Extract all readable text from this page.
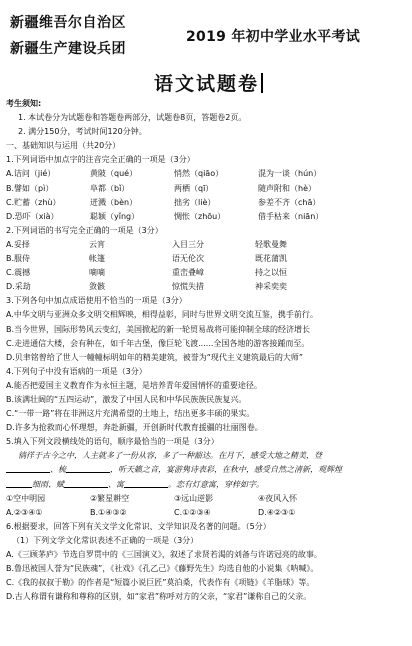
新疆维吾尔自治区
新疆生产建设兵团
2019 年初中学业水平考试
语文试题卷
考生须知:
1. 本试卷分为试题卷和答题卷两部分，试题卷8页，答题卷2页。
2. 满分150分，考试时间120分钟。
一、基础知识与运用（共20分）
1.下列词语中加点字的注音完全正确的一项是（3分）
A.诘问（jié）	黄陂（qué）	悄然（qiāo）	混为一谈（hún）
B.譬如（pì）	阜都（bǐ）	两栖（qī）	随声附和（hè）
C.贮蓄（zhù）	迸溅（bèn）	拙劣（liè）	参差不齐（chā）
D.恐吓（xià）	聪颖（yǐng）	惆怅（zhōu）	借手枯来（niān）
2.下列词语的书写完全正确的一项是（3分）
A.妥择	云宵	入目三分	轻歌曼舞
B.服侍	帐篷	语无伦次	既花蒲凯
C.震撼	嘀嘀	重峦叠嶂	持之以恒
D.采劫	敛骸	惊慌失措	神采奕奕
3.下列各句中加点成语使用不恰当的一项是（3分）
A.中华文明与亚洲众多文明交相辉映，相得益彰，同时与世界文明交流互鉴，携手前行。
B.当今世界，国际形势风云变幻，美国掀起的新一轮贸易战将可能抑制全球的经济增长
C.走进通信大楼，会有种在，如千年古堡，像巨轮飞渡......全国各地的游客接踵而至。
D.贝聿铭曾给了世人一幢幢标明如年的精美建筑，被誉为“现代主义建筑最后的大师”
4.下列句子中没有语病的一项是（3分）
A.能否把爱国主义教育作为永恒主题，是培养青年爱国情怀的重要途径。
B.该满壮阔的“五四运动”，激发了中国人民和中华民族族民族复兴。
C.“一带一路”将在非洲这片充满希望的土地上，结出更多丰硕的果实。
D.许多为抢救而心怀理想，奔赴新疆，开创新时代教育援疆的壮丽图卷。
5.填入下列文段横线处的语句，顺序最恰当的一项是（3分）
徜徉于古今之中，人主就多了一份从容，多了一种豁达。在月下，感受大地之精美，登
、梳	，听天籁之音，宴游隽诗表彩，在秋中，感受自然之清新，观辉煌
细雨、赋	、寓	。恋有灯意寓，穿梓如字。
①空中明园	②繁星耕空	③远山逆影	④夜风入怀
A.②③④①	B.①④③②	C.①②③④	D.④②③①
6.根据要求，回答下列有关文学文化常识、文学知识及名著的问题。（5分）
（1）下列文学文化常识表述不正确的一项是（3分）
A.《三顾茅庐》节选自罗贯中的《三国演义》，叙述了求贤若渴的刘备与许诺冠亮的故事。
B.鲁迅被国人誉为“民族魂”，《社戏》《孔乙己》《藤野先生》均选自他的小说集《呐喊》。
C.《我的叔叔于勒》的作者是“短篇小说巨匠”莫泊桑，代表作有《项链》《羊脂球》等。
D.古人称谓有谦称和尊称的区别，如“家君”称呼对方的父亲，“家君”谦称自己的父亲。
